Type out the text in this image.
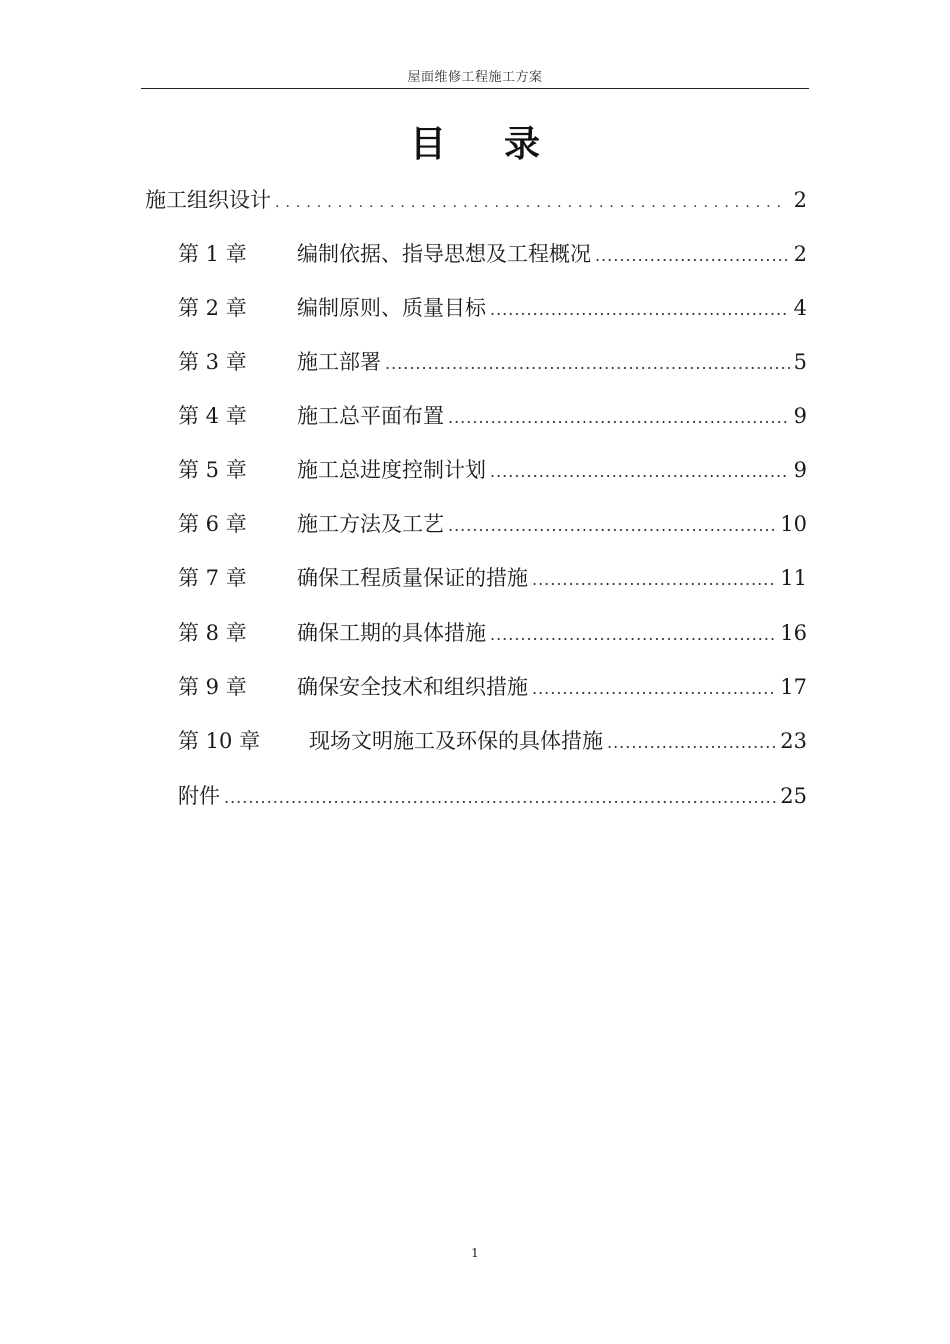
屋面维修工程施工方案
目 录
施工组织设计 .....	2
第 1 章	编制依据、指导思想及工程概况 .....	2
第 2 章	编制原则、质量目标 .....	4
第 3 章	施工部署 .....	5
第 4 章	施工总平面布置 .....	9
第 5 章	施工总进度控制计划 .....	9
第 6 章	施工方法及工艺 .....	10
第 7 章	确保工程质量保证的措施 .....	11
第 8 章	确保工期的具体措施 .....	16
第 9 章	确保安全技术和组织措施 .....	17
第 10 章	现场文明施工及环保的具体措施 .....	23
附件 .....	25
1
